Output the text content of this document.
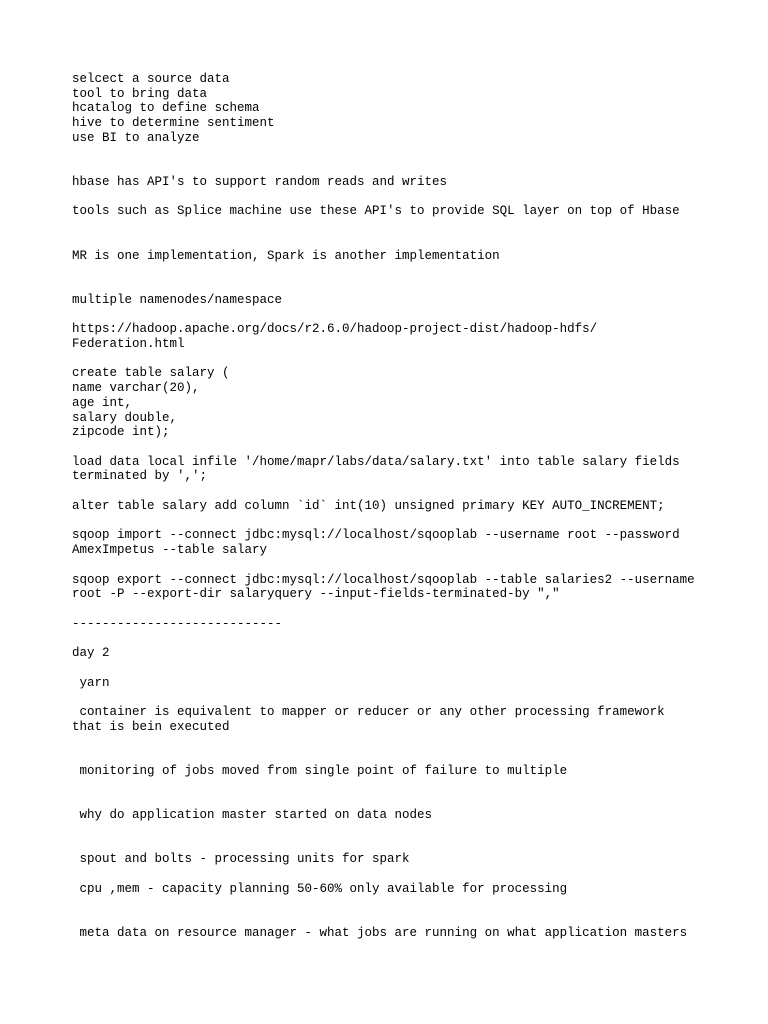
selcect a source data
tool to bring data
hcatalog to define schema
hive to determine sentiment
use BI to analyze
hbase has API's to support random reads and writes
tools such as Splice machine use these API's to provide SQL layer on top of Hbase
MR is one implementation, Spark is another implementation
multiple namenodes/namespace
https://hadoop.apache.org/docs/r2.6.0/hadoop-project-dist/hadoop-hdfs/
Federation.html
create table salary (
name varchar(20),
age int,
salary double,
zipcode int);
load data local infile '/home/mapr/labs/data/salary.txt' into table salary fields
terminated by ',';
alter table salary add column `id` int(10) unsigned primary KEY AUTO_INCREMENT;
sqoop import --connect jdbc:mysql://localhost/sqooplab --username root --password
AmexImpetus --table salary
sqoop export --connect jdbc:mysql://localhost/sqooplab --table salaries2 --username
root -P --export-dir salaryquery --input-fields-terminated-by ","
----------------------------
day 2
yarn
container is equivalent to mapper or reducer or any other processing framework
that is bein executed
monitoring of jobs moved from single point of failure to multiple
why do application master started on data nodes
spout and bolts - processing units for spark
cpu ,mem - capacity planning 50-60% only available for processing
meta data on resource manager - what jobs are running on what application masters
